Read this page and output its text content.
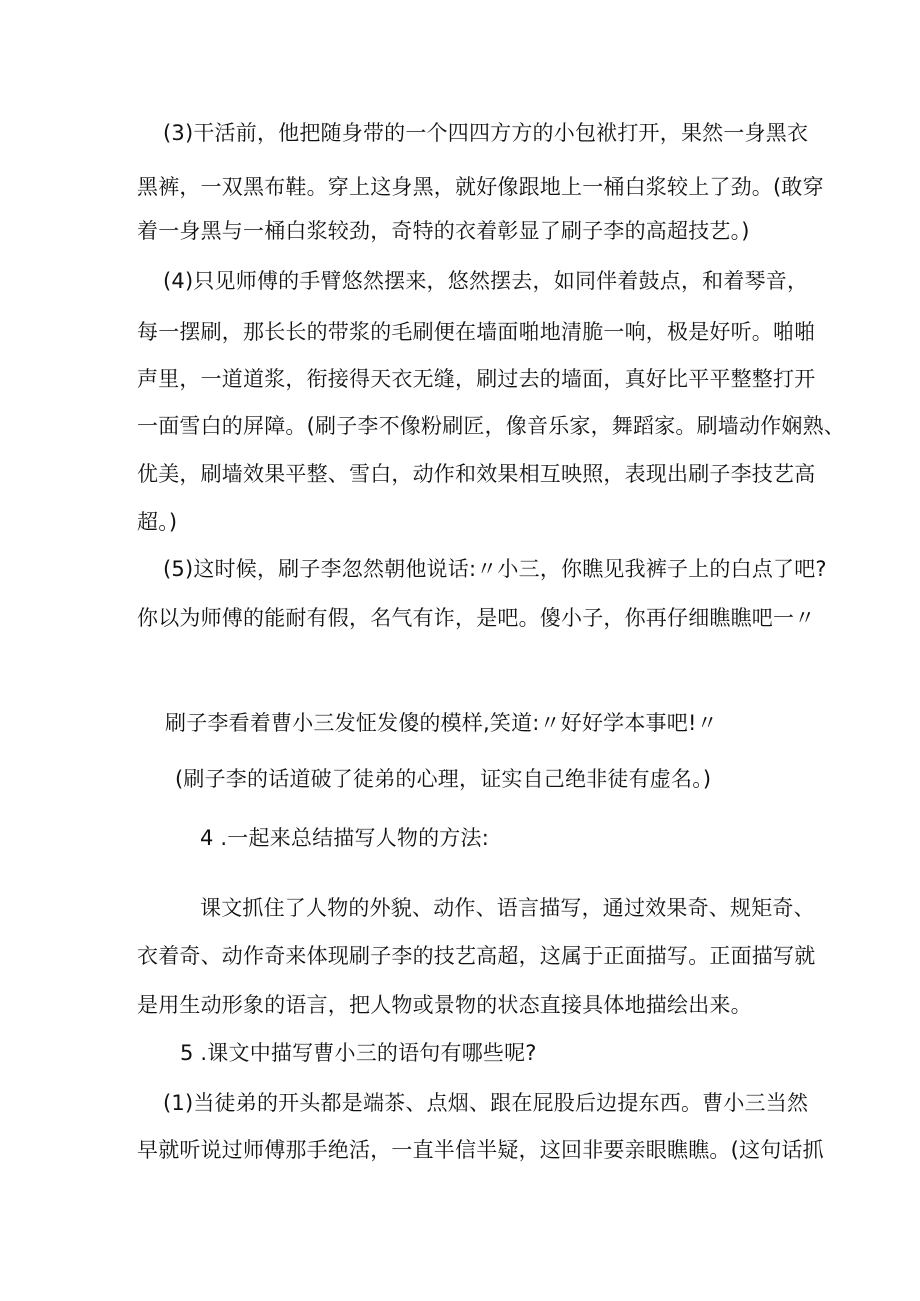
(3)干活前，他把随身带的一个四四方方的小包袱打开，果然一身黑衣
黑裤，一双黑布鞋。穿上这身黑，就好像跟地上一桶白浆较上了劲。(敢穿
着一身黑与一桶白浆较劲，奇特的衣着彰显了刷子李的高超技艺。)
(4)只见师傅的手臂悠然摆来，悠然摆去，如同伴着鼓点，和着琴音，
每一摆刷，那长长的带浆的毛刷便在墙面啪地清脆一响，极是好听。啪啪
声里，一道道浆，衔接得天衣无缝，刷过去的墙面，真好比平平整整打开
一面雪白的屏障。(刷子李不像粉刷匠，像音乐家，舞蹈家。刷墙动作娴熟、
优美，刷墙效果平整、雪白，动作和效果相互映照，表现出刷子李技艺高
超。)
(5)这时候，刷子李忽然朝他说话:〃小三，你瞧见我裤子上的白点了吧?
你以为师傅的能耐有假，名气有诈，是吧。傻小子，你再仔细瞧瞧吧一〃
刷子李看着曹小三发怔发傻的模样,笑道:〃好好学本事吧!〃
(刷子李的话道破了徒弟的心理，证实自己绝非徒有虚名。)
4 .一起来总结描写人物的方法:
课文抓住了人物的外貌、动作、语言描写，通过效果奇、规矩奇、
衣着奇、动作奇来体现刷子李的技艺高超，这属于正面描写。正面描写就
是用生动形象的语言，把人物或景物的状态直接具体地描绘出来。
5 .课文中描写曹小三的语句有哪些呢?
(1)当徒弟的开头都是端茶、点烟、跟在屁股后边提东西。曹小三当然
早就听说过师傅那手绝活，一直半信半疑，这回非要亲眼瞧瞧。(这句话抓
